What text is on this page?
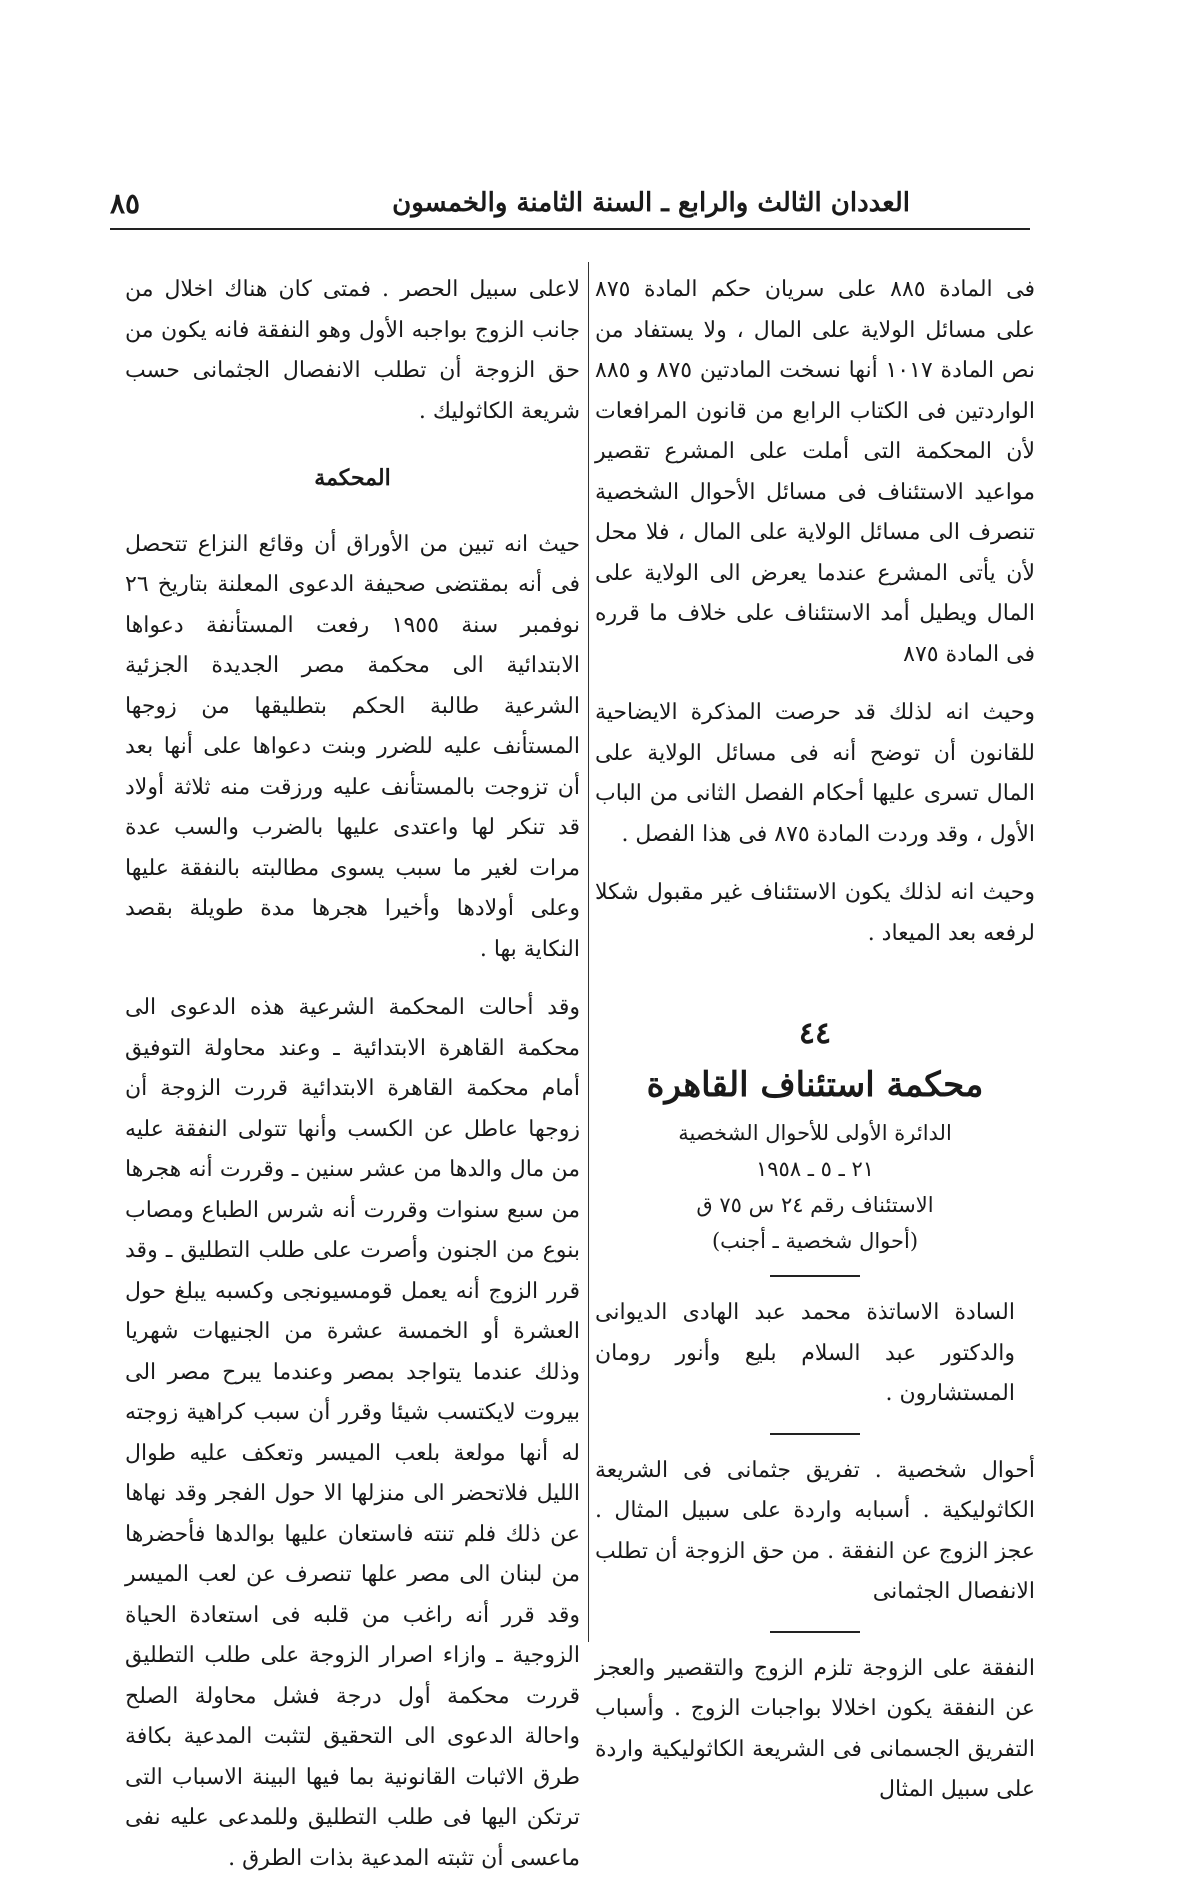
٨٥	العددان الثالث والرابع ـ السنة الثامنة والخمسون

فى المادة ٨٨٥ على سريان حكم المادة ٨٧٥ على مسائل الولاية على المال ، ولا يستفاد من نص المادة ١٠١٧ أنها نسخت المادتين ٨٧٥ و ٨٨٥ الواردتين فى الكتاب الرابع من قانون المرافعات لأن المحكمة التى أملت على المشرع تقصير مواعيد الاستئناف فى مسائل الأحوال الشخصية تنصرف الى مسائل الولاية على المال ، فلا محل لأن يأتى المشرع عندما يعرض الى الولاية على المال ويطيل أمد الاستئناف على خلاف ما قرره فى المادة ٨٧٥

وحيث انه لذلك قد حرصت المذكرة الايضاحية للقانون أن توضح أنه فى مسائل الولاية على المال تسرى عليها أحكام الفصل الثانى من الباب الأول ، وقد وردت المادة ٨٧٥ فى هذا الفصل .

وحيث انه لذلك يكون الاستئناف غير مقبول شكلا لرفعه بعد الميعاد .

٤٤
محكمة استئناف القاهرة
الدائرة الأولى للأحوال الشخصية
٢١ ـ ٥ ـ ١٩٥٨
الاستئناف رقم ٢٤ س ٧٥ ق
(أحوال شخصية ـ أجنب)

السادة الاساتذة محمد عبد الهادى الديوانى والدكتور عبد السلام بليع وأنور رومان المستشارون .

أحوال شخصية . تفريق جثمانى فى الشريعة الكاثوليكية . أسبابه واردة على سبيل المثال . عجز الزوج عن النفقة . من حق الزوجة أن تطلب الانفصال الجثمانى

النفقة على الزوجة تلزم الزوج والتقصير والعجز عن النفقة يكون اخلالا بواجبات الزوج . وأسباب التفريق الجسمانى فى الشريعة الكاثوليكية واردة على سبيل المثال

لاعلى سبيل الحصر . فمتى كان هناك اخلال من جانب الزوج بواجبه الأول وهو النفقة فانه يكون من حق الزوجة أن تطلب الانفصال الجثمانى حسب شريعة الكاثوليك .

المحكمة

حيث انه تبين من الأوراق أن وقائع النزاع تتحصل فى أنه بمقتضى صحيفة الدعوى المعلنة بتاريخ ٢٦ نوفمبر سنة ١٩٥٥ رفعت المستأنفة دعواها الابتدائية الى محكمة مصر الجديدة الجزئية الشرعية طالبة الحكم بتطليقها من زوجها المستأنف عليه للضرر وبنت دعواها على أنها بعد أن تزوجت بالمستأنف عليه ورزقت منه ثلاثة أولاد قد تنكر لها واعتدى عليها بالضرب والسب عدة مرات لغير ما سبب يسوى مطالبته بالنفقة عليها وعلى أولادها وأخيرا هجرها مدة طويلة بقصد النكاية بها .

وقد أحالت المحكمة الشرعية هذه الدعوى الى محكمة القاهرة الابتدائية ـ وعند محاولة التوفيق أمام محكمة القاهرة الابتدائية قررت الزوجة أن زوجها عاطل عن الكسب وأنها تتولى النفقة عليه من مال والدها من عشر سنين ـ وقررت أنه هجرها من سبع سنوات وقررت أنه شرس الطباع ومصاب بنوع من الجنون وأصرت على طلب التطليق ـ وقد قرر الزوج أنه يعمل قومسيونجى وكسبه يبلغ حول العشرة أو الخمسة عشرة من الجنيهات شهريا وذلك عندما يتواجد بمصر وعندما يبرح مصر الى بيروت لايكتسب شيئا وقرر أن سبب كراهية زوجته له أنها مولعة بلعب الميسر وتعكف عليه طوال الليل فلاتحضر الى منزلها الا حول الفجر وقد نهاها عن ذلك فلم تنته فاستعان عليها بوالدها فأحضرها من لبنان الى مصر علها تنصرف عن لعب الميسر وقد قرر أنه راغب من قلبه فى استعادة الحياة الزوجية ـ وازاء اصرار الزوجة على طلب التطليق قررت محكمة أول درجة فشل محاولة الصلح واحالة الدعوى الى التحقيق لتثبت المدعية بكافة طرق الاثبات القانونية بما فيها البينة الاسباب التى ترتكن اليها فى طلب التطليق وللمدعى عليه نفى ماعسى أن تثبته المدعية بذات الطرق .
